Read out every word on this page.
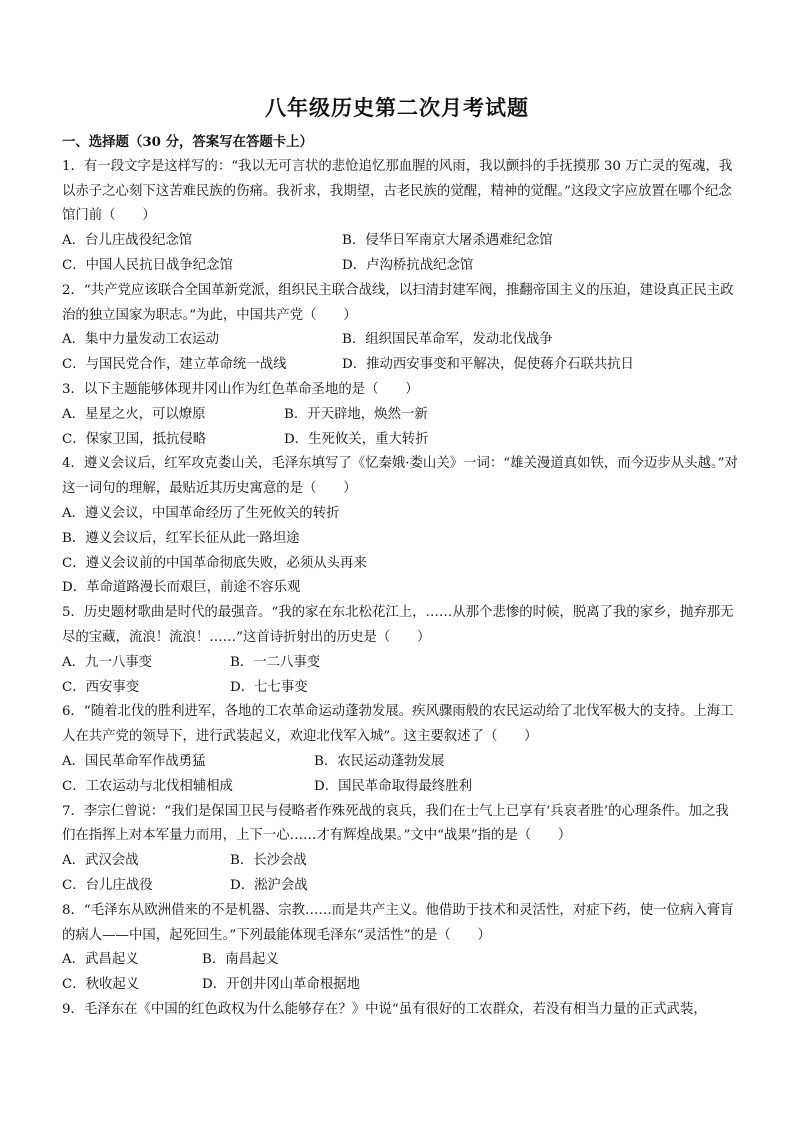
八年级历史第二次月考试题
一、选择题（30 分，答案写在答题卡上）
1．有一段文字是这样写的：“我以无可言状的悲怆追忆那血腥的风雨，我以颤抖的手抚摸那 30 万亡灵的冤魂，我以赤子之心刻下这苦难民族的伤痛。我祈求，我期望，古老民族的觉醒，精神的觉醒。”这段文字应放置在哪个纪念馆门前（　　）
A．台儿庄战役纪念馆	B．侵华日军南京大屠杀遇难纪念馆
C．中国人民抗日战争纪念馆	D．卢沟桥抗战纪念馆
2．“共产党应该联合全国革新党派，组织民主联合战线，以扫清封建军阀，推翻帝国主义的压迫，建设真正民主政治的独立国家为职志。”为此，中国共产党（　　）
A．集中力量发动工农运动	B．组织国民革命军，发动北伐战争
C．与国民党合作，建立革命统一战线	D．推动西安事变和平解决，促使蒋介石联共抗日
3．以下主题能够体现井冈山作为红色革命圣地的是（　　）
A．星星之火，可以燎原	B．开天辟地，焕然一新
C．保家卫国，抵抗侵略	D．生死攸关，重大转折
4．遵义会议后，红军攻克娄山关，毛泽东填写了《忆秦娥·娄山关》一词：“雄关漫道真如铁，而今迈步从头越。”对这一词句的理解，最贴近其历史寓意的是（　　）
A．遵义会议，中国革命经历了生死攸关的转折
B．遵义会议后，红军长征从此一路坦途
C．遵义会议前的中国革命彻底失败，必须从头再来
D．革命道路漫长而艰巨，前途不容乐观
5．历史题材歌曲是时代的最强音。“我的家在东北松花江上，……从那个悲惨的时候，脱离了我的家乡，抛弃那无尽的宝藏，流浪！流浪！……”这首诗折射出的历史是（　　）
A．九一八事变	B．一二八事变
C．西安事变	D．七七事变
6．“随着北伐的胜利进军，各地的工农革命运动蓬勃发展。疾风骤雨般的农民运动给了北伐军极大的支持。上海工人在共产党的领导下，进行武装起义，欢迎北伐军入城”。这主要叙述了（　　）
A．国民革命军作战勇猛	B．农民运动蓬勃发展
C．工农运动与北伐相辅相成	D．国民革命取得最终胜利
7．李宗仁曾说：“我们是保国卫民与侵略者作殊死战的哀兵，我们在士气上已享有‘兵哀者胜’的心理条件。加之我们在指挥上对本军量力而用，上下一心……才有辉煌战果。”文中“战果”指的是（　　）
A．武汉会战	B．长沙会战
C．台儿庄战役	D．淞沪会战
8．“毛泽东从欧洲借来的不是机器、宗教……而是共产主义。他借助于技术和灵活性，对症下药，使一位病入膏肓的病人——中国，起死回生。”下列最能体现毛泽东“灵活性”的是（　　）
A．武昌起义	B．南昌起义
C．秋收起义	D．开创井冈山革命根据地
9．毛泽东在《中国的红色政权为什么能够存在？》中说“虽有很好的工农群众，若没有相当力量的正式武装，
